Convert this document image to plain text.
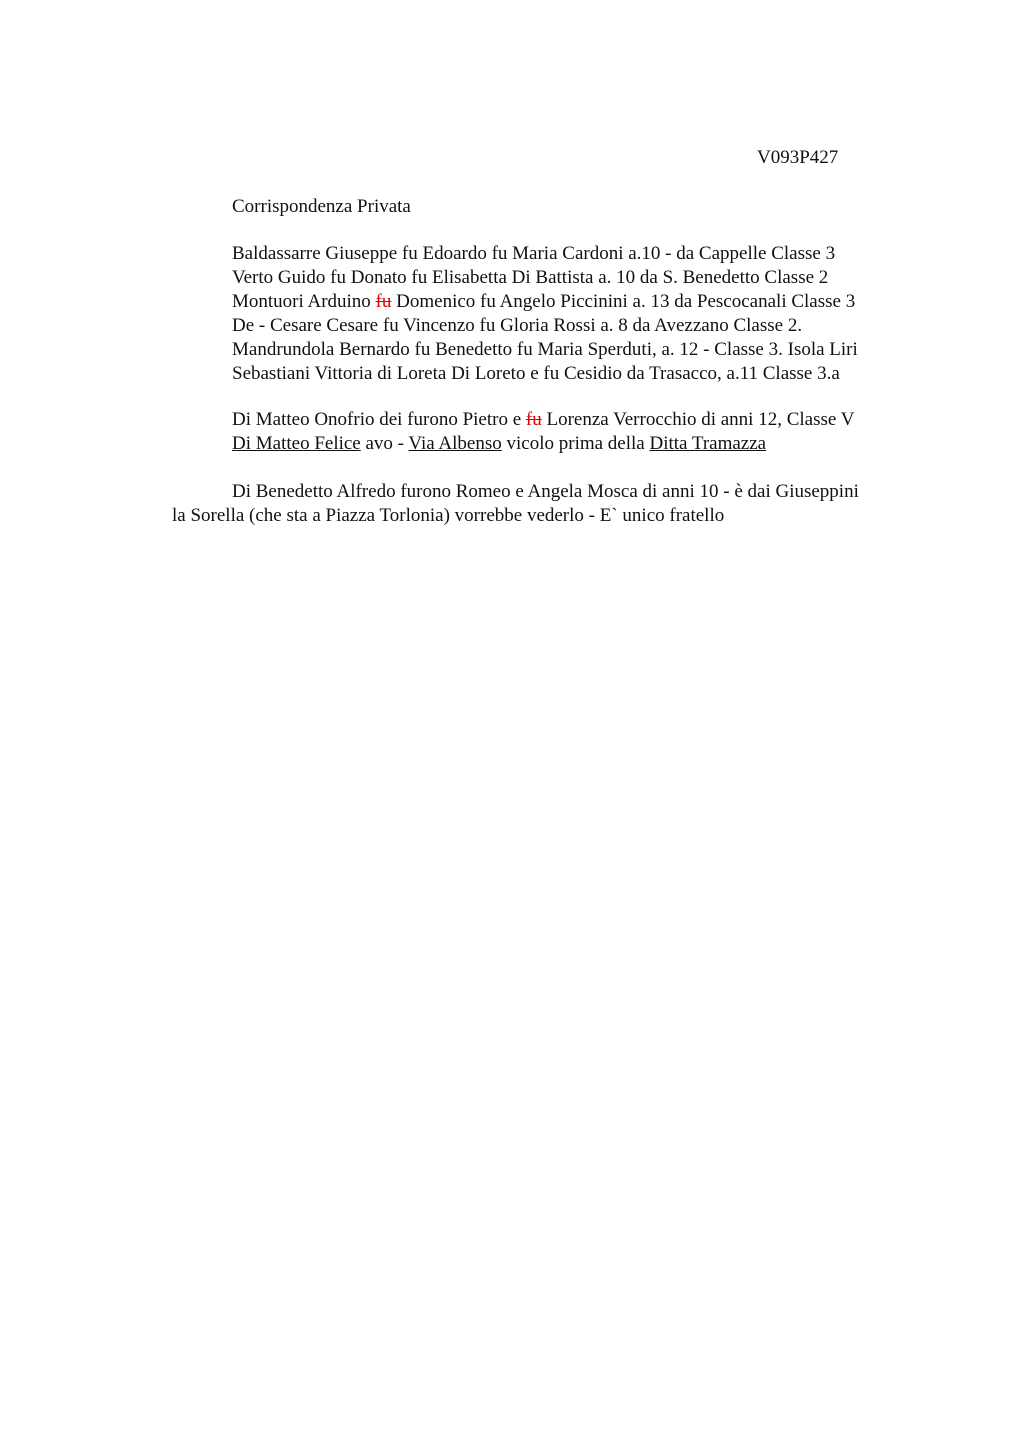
V093P427
Corrispondenza Privata
Baldassarre Giuseppe fu Edoardo fu Maria Cardoni a.10 - da Cappelle Classe 3
Verto Guido fu Donato fu Elisabetta Di Battista a. 10 da S. Benedetto Classe 2
Montuori Arduino fu Domenico fu Angelo Piccinini a. 13 da Pescocanali Classe 3
De - Cesare Cesare fu Vincenzo fu Gloria Rossi a. 8 da Avezzano Classe 2.
Mandrundola Bernardo fu Benedetto fu Maria Sperduti, a. 12 - Classe 3. Isola Liri
Sebastiani Vittoria di Loreta Di Loreto e fu Cesidio da Trasacco, a.11 Classe 3.a
Di Matteo Onofrio dei furono Pietro e fu Lorenza Verrocchio di anni 12, Classe V
Di Matteo Felice avo - Via Albenso vicolo prima della Ditta Tramazza
Di Benedetto Alfredo furono Romeo e Angela Mosca di anni 10 - è dai Giuseppini
la Sorella (che sta a Piazza Torlonia) vorrebbe vederlo - E` unico fratello
